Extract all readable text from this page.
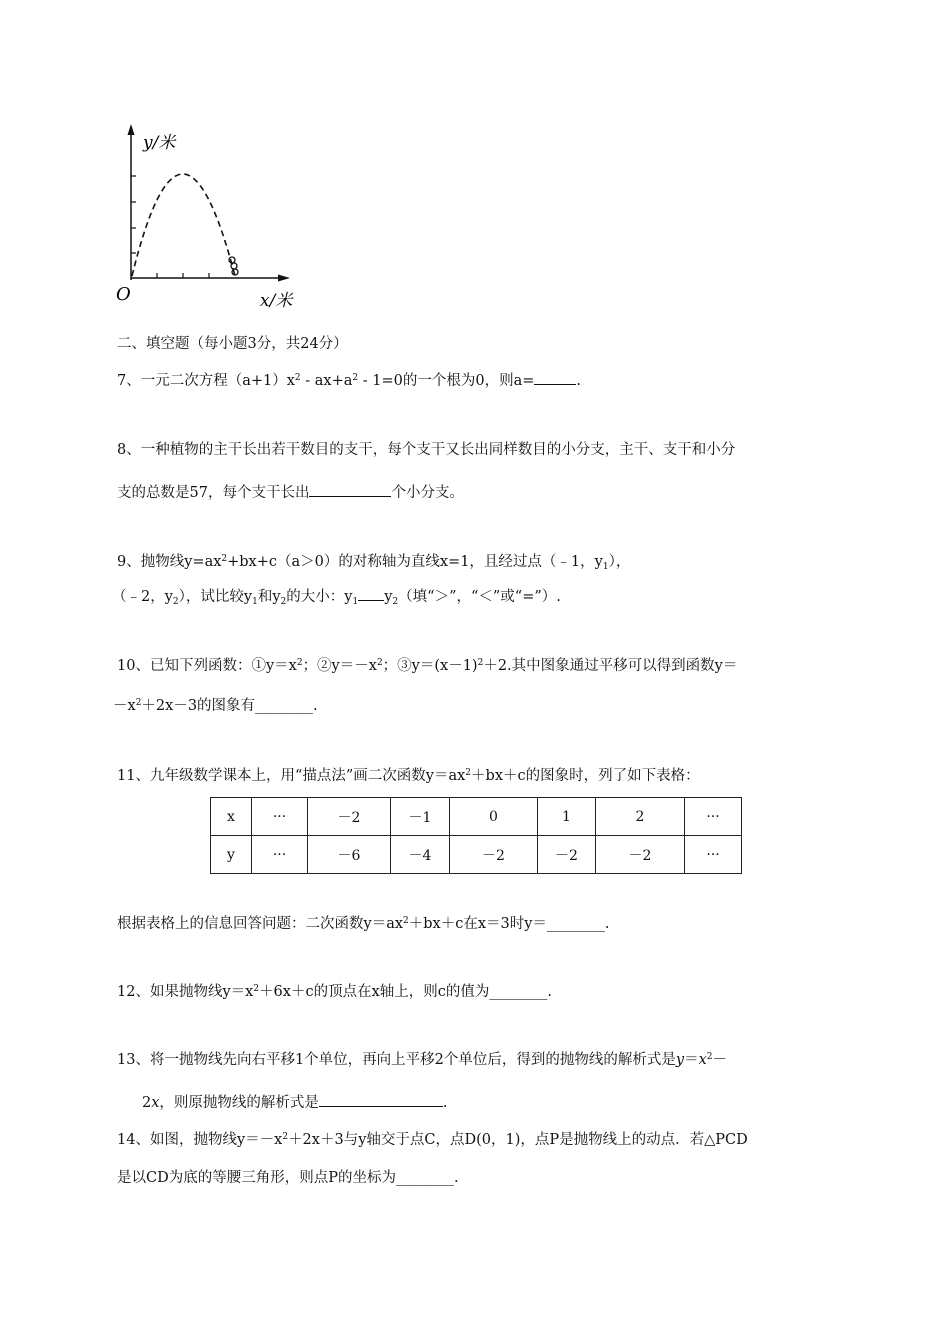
y/米
x/米
O
二、填空题（每小题3分，共24分）
7、一元二次方程$(a+1)x^2 - ax+a^2 - 1=0$的一个根为0，则a=	.
8、一种植物的主干长出若干数目的支干，每个支干又长出同样数目的小分支，主干、支干和小分
支的总数是57，每个支干长出	个小分支。
9、抛物线$y=ax^2+bx+c(a>0)$的对称轴为直线x=1，且经过点（﹣1，$y_1$），
（﹣2，$y_2$），试比较$y_1$和$y_2$的大小：$y_1$ $y_2$（填“＞”，“＜”或“=”）.
10、已知下列函数：$①y=x^2$；$②y=-x^2$；$③y=(x-1)^2+2$.其中图象通过平移可以得到函数y＝
$-x^2+2x-3$的图象有________.
11、九年级数学课本上，用“描点法”画二次函数$y=ax^2+bx+c$的图象时，列了如下表格：
x	···	－2	－1	0	1	2	···
y	···	－6	－4	－2	－2	－2	···
根据表格上的信息回答问题：二次函数$y=ax^2+bx+c$在x＝3时y＝________.
12、如果抛物线$y=x^2+6x+c$的顶点在x轴上，则c的值为________.
13、将一抛物线先向右平移1个单位，再向上平移2个单位后，得到的抛物线的解析式是$y=x^2-$
2x，则原抛物线的解析式是	.
14、如图，抛物线$y=-x^2+2x+3$与y轴交于点C，点D(0，1)，点P是抛物线上的动点．若△PCD
是以CD为底的等腰三角形，则点P的坐标为________.
